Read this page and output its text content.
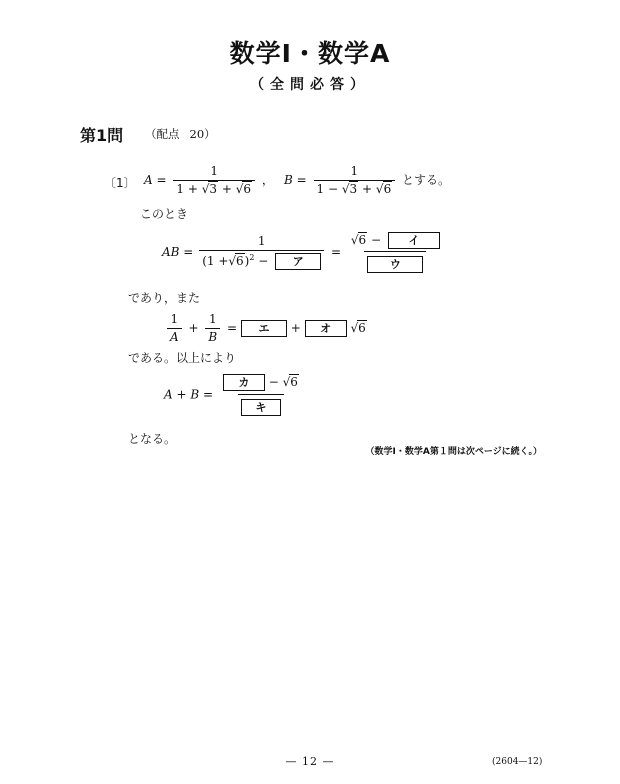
数学Ⅰ・数学A
（全問必答）
第1問 （配点 20）
〔1〕 $A = \frac{1}{1 + √3 + √6}$ ， $B = \frac{1}{1 - √3 + √6}$ とする。
このとき
AB = $\frac{1}{(1 +√6)^2 - ア} = \frac{\text{√6 − イ}}{\text{ウ}}$
であり，また
$\frac{1}{A} + \frac{1}{B}$ = エ + オ √6
である。以上により
$A + B = \frac{\text{カ − √6}}{\text{キ}}$
となる。
（数学Ⅰ・数学A第１問は次ページに続く。）
— 12 —	(2604—12)
